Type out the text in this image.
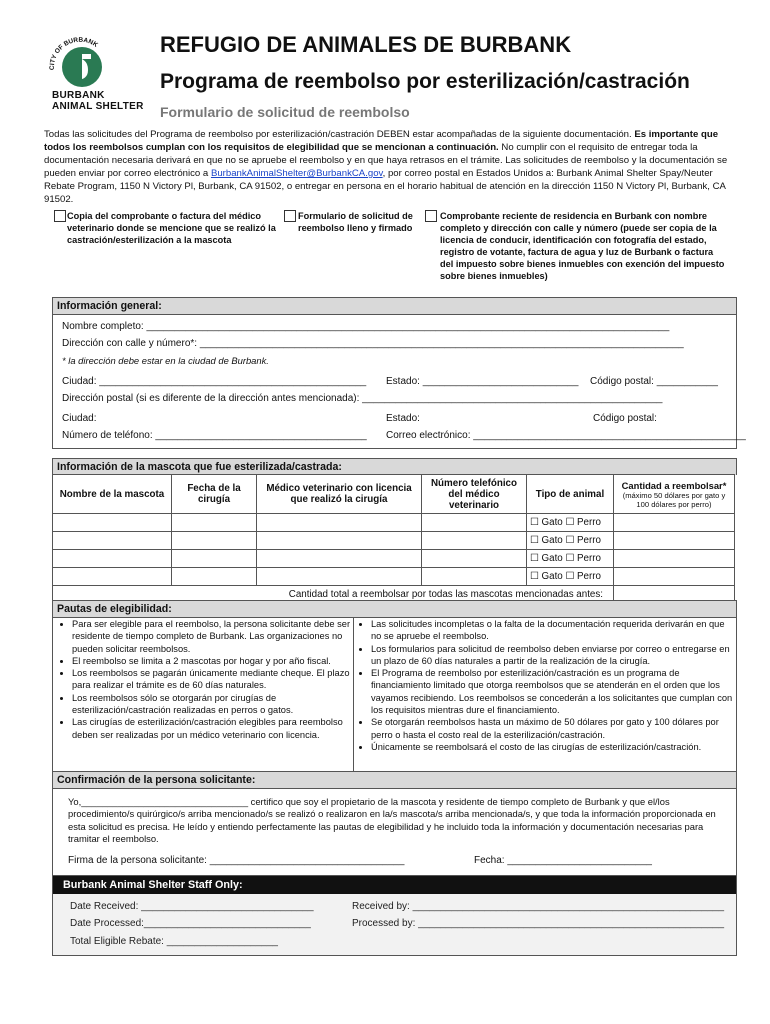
CITY OF BURBANK
BURBANK
ANIMAL SHELTER
REFUGIO DE ANIMALES DE BURBANK
Programa de reembolso por esterilización/castración
Formulario de solicitud de reembolso
Todas las solicitudes del Programa de reembolso por esterilización/castración DEBEN estar acompañadas de la siguiente documentación. Es importante que todos los reembolsos cumplan con los requisitos de elegibilidad que se mencionan a continuación. No cumplir con el requisito de entregar toda la documentación necesaria derivará en que no se apruebe el reembolso y en que haya retrasos en el trámite. Las solicitudes de reembolso y la documentación se pueden enviar por correo electrónico a BurbankAnimalShelter@BurbankCA.gov, por correo postal en Estados Unidos a: Burbank Animal Shelter Spay/Neuter Rebate Program, 1150 N Victory Pl, Burbank, CA 91502, o entregar en persona en el horario habitual de atención en la dirección 1150 N Victory Pl, Burbank, CA 91502.
Copia del comprobante o factura del médico veterinario donde se mencione que se realizó la castración/esterilización a la mascota
Formulario de solicitud de reembolso lleno y firmado
Comprobante reciente de residencia en Burbank con nombre completo y dirección con calle y número (puede ser copia de la licencia de conducir, identificación con fotografía del estado, registro de votante, factura de agua y luz de Burbank o factura del impuesto sobre bienes inmuebles con exención del impuesto sobre bienes inmuebles)
Información general:
Nombre completo: ______________________________________________________________________________________________
Dirección con calle y número*: _______________________________________________________________________________________
* la dirección debe estar en la ciudad de Burbank.
Ciudad: ________________________________________________ Estado: ____________________________ Código postal: ___________
Dirección postal (si es diferente de la dirección antes mencionada): ______________________________________________________
Ciudad:	Estado:	Código postal:
Número de teléfono: ______________________________________ Correo electrónico: _________________________________________________
Información de la mascota que fue esterilizada/castrada:
Nombre de la mascota	Fecha de la cirugía	Médico veterinario con licencia que realizó la cirugía	Número telefónico del médico veterinario	Tipo de animal	Cantidad a reembolsar*
(máximo 50 dólares por gato y 100 dólares por perro)

				☐ Gato ☐ Perro	
				☐ Gato ☐ Perro	
				☐ Gato ☐ Perro	
				☐ Gato ☐ Perro	
Cantidad total a reembolsar por todas las mascotas mencionadas antes:					
Pautas de elegibilidad:
• Para ser elegible para el reembolso, la persona solicitante debe ser residente de tiempo completo de Burbank. Las organizaciones no pueden solicitar reembolsos.
• El reembolso se limita a 2 mascotas por hogar y por año fiscal.
• Los reembolsos se pagarán únicamente mediante cheque. El plazo para realizar el trámite es de 60 días naturales.
• Los reembolsos sólo se otorgarán por cirugías de esterilización/castración realizadas en perros o gatos.
• Las cirugías de esterilización/castración elegibles para reembolso deben ser realizadas por un médico veterinario con licencia.
• Las solicitudes incompletas o la falta de la documentación requerida derivarán en que no se apruebe el reembolso.
• Los formularios para solicitud de reembolso deben enviarse por correo o entregarse en un plazo de 60 días naturales a partir de la realización de la cirugía.
• El Programa de reembolso por esterilización/castración es un programa de financiamiento limitado que otorga reembolsos que se atenderán en el orden que los vayamos recibiendo. Los reembolsos se concederán a los solicitantes que cumplan con los requisitos mientras dure el financiamiento.
• Se otorgarán reembolsos hasta un máximo de 50 dólares por gato y 100 dólares por perro o hasta el costo real de la esterilización/castración.
• Únicamente se reembolsará el costo de las cirugías de esterilización/castración.
Confirmación de la persona solicitante:
Yo,________________________________ certifico que soy el propietario de la mascota y residente de tiempo completo de Burbank y que el/los procedimiento/s quirúrgico/s arriba mencionado/s se realizó o realizaron en la/s mascota/s arriba mencionada/s, y que toda la información proporcionada en esta solicitud es precisa. He leído y entiendo perfectamente las pautas de elegibilidad y he incluido toda la información y documentación necesarias para tramitar el reembolso.
Firma de la persona solicitante: ___________________________________	Fecha: __________________________
Burbank Animal Shelter Staff Only:
Date Received: _______________________________	Received by: ________________________________________________________
Date Processed:______________________________	Processed by: _______________________________________________________
Total Eligible Rebate: ____________________
